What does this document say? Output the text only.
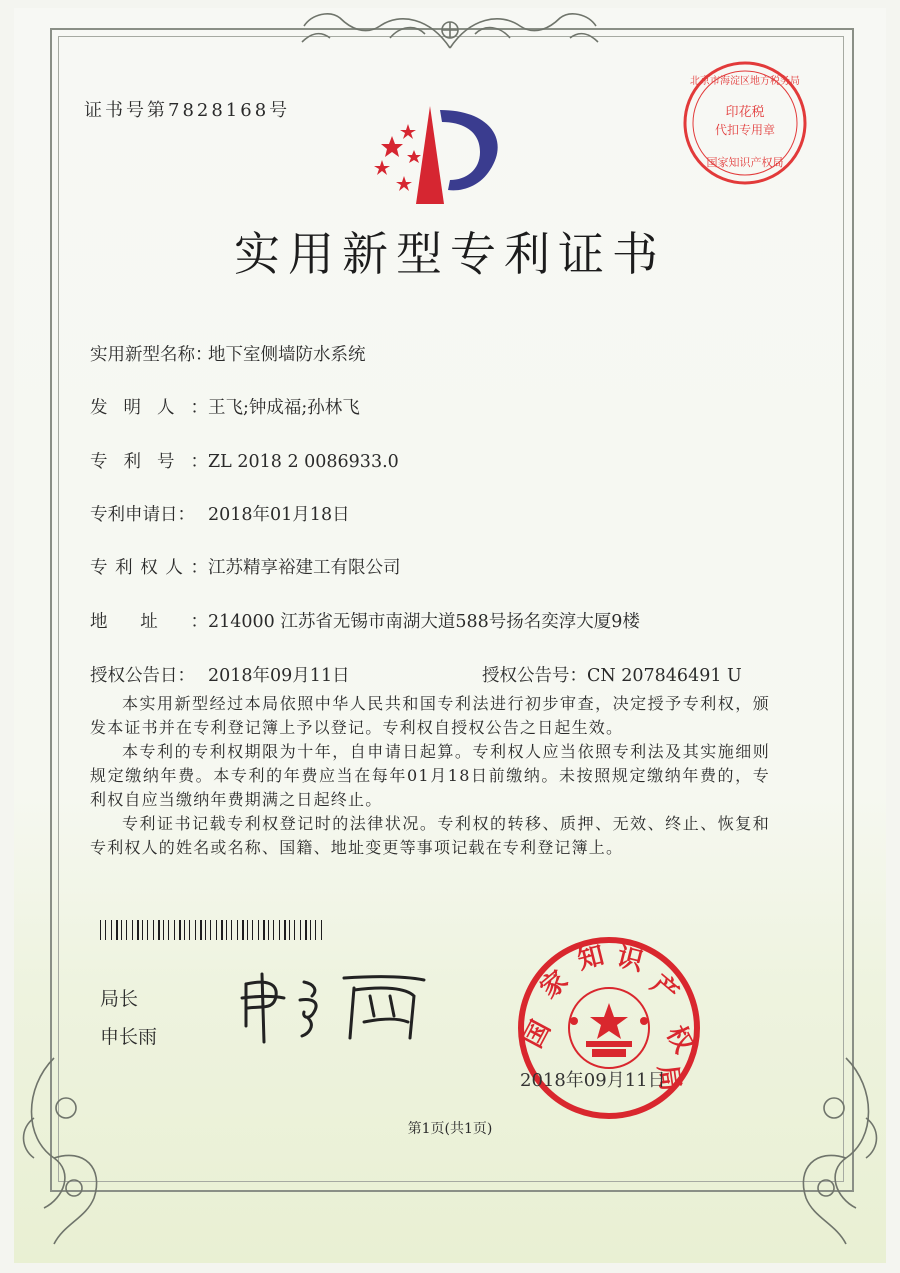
证书号第7828168号
实用新型专利证书
实用新型名称：地下室侧墙防水系统
发明人：王飞;钟成福;孙林飞
专利号：ZL 2018 2 0086933.0
专利申请日： 2018年01月18日
专利权人：江苏精享裕建工有限公司
地址：214000 江苏省无锡市南湖大道588号扬名奕淳大厦9楼
授权公告日： 2018年09月11日	授权公告号：CN 207846491 U

本实用新型经过本局依照中华人民共和国专利法进行初步审查，决定授予专利权，颁发本证书并在专利登记簿上予以登记。专利权自授权公告之日起生效。

本专利的专利权期限为十年，自申请日起算。专利权人应当依照专利法及其实施细则规定缴纳年费。本专利的年费应当在每年01月18日前缴纳。未按照规定缴纳年费的，专利权自应当缴纳年费期满之日起终止。

专利证书记载专利权登记时的法律状况。专利权的转移、质押、无效、终止、恢复和专利权人的姓名或名称、国籍、地址变更等事项记载在专利登记簿上。

局长
申长雨	国
家
知 识
产
权
局
2018年09月11日
北京市海淀区地方税务局
印花税
代扣专用章
国家知识产权局
第1页(共1页)
